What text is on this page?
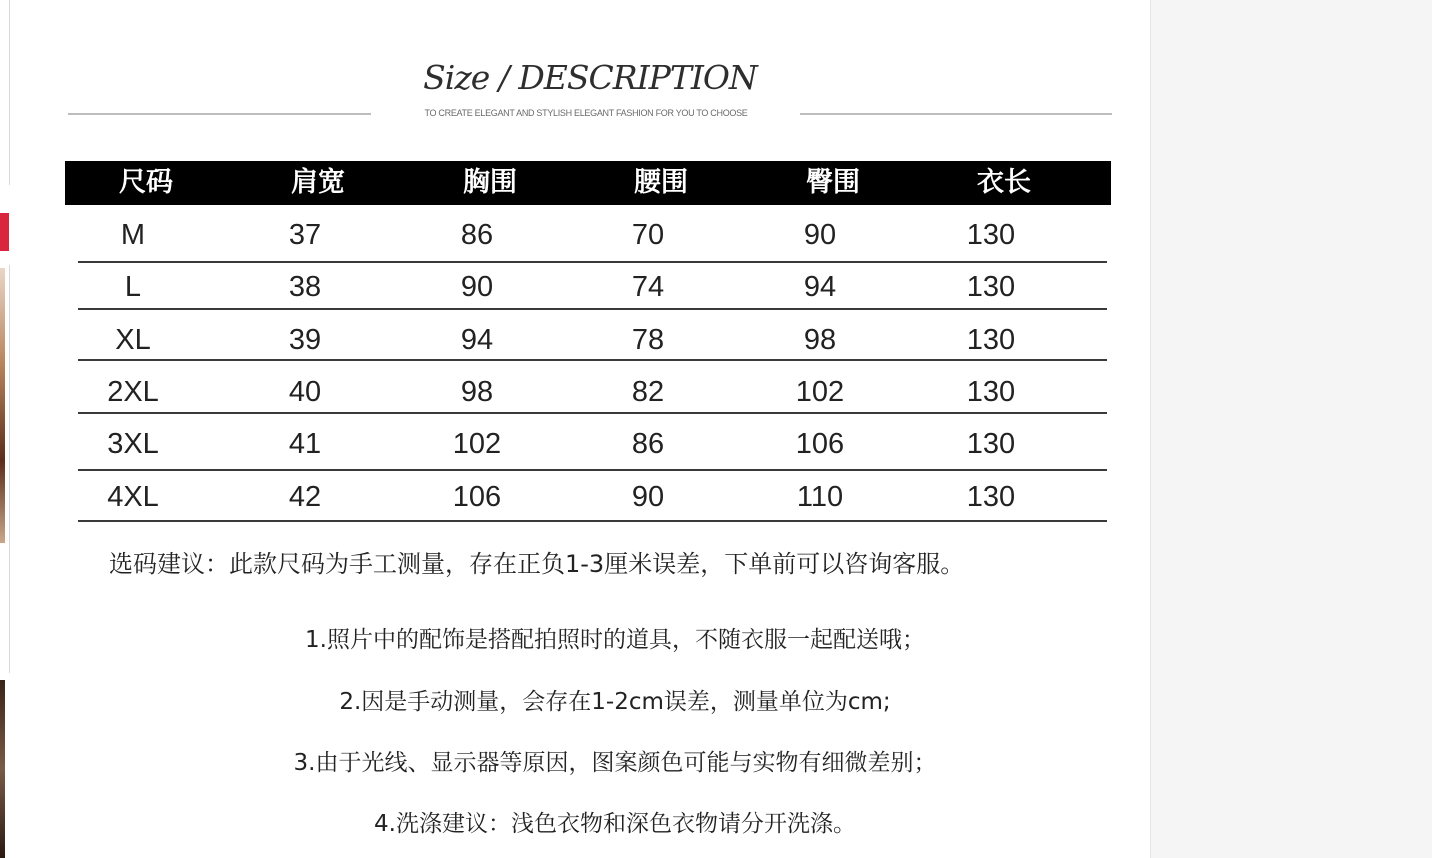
Size / DESCRIPTION
TO CREATE ELEGANT AND STYLISH ELEGANT FASHION FOR YOU TO CHOOSE
尺码	肩宽	胸围	腰围	臀围	衣长
M	37	86	70	90	130
L	38	90	74	94	130
XL	39	94	78	98	130
2XL	40	98	82	102	130
3XL	41	102	86	106	130
4XL	42	106	90	110	130
选码建议：此款尺码为手工测量，存在正负1-3厘米误差，下单前可以咨询客服。
1.照片中的配饰是搭配拍照时的道具，不随衣服一起配送哦；
2.因是手动测量，会存在1-2cm误差，测量单位为cm;
3.由于光线、显示器等原因，图案颜色可能与实物有细微差别；
4.洗涤建议：浅色衣物和深色衣物请分开洗涤。
